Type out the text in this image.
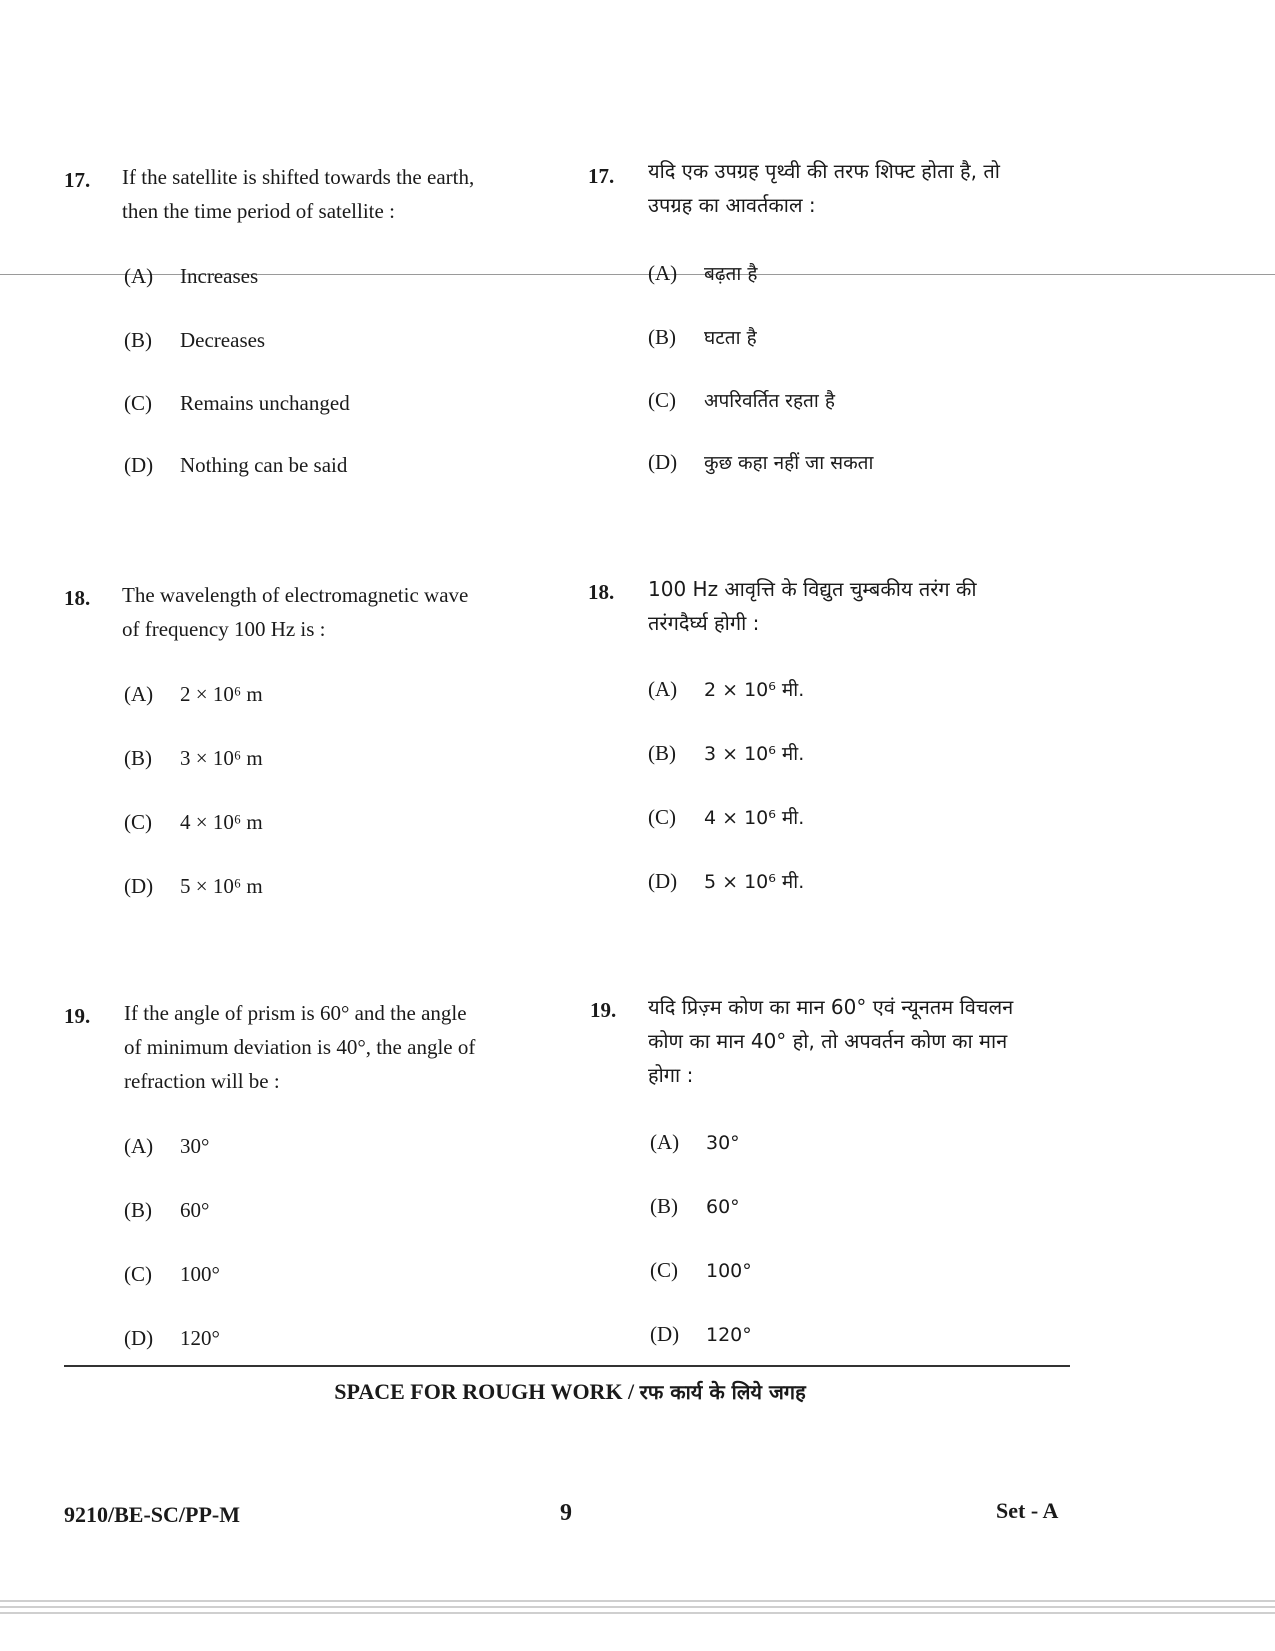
17. If the satellite is shifted towards the earth,
then the time period of satellite :
(A) Increases
(B) Decreases
(C) Remains unchanged
(D) Nothing can be said
17. यदि एक उपग्रह पृथ्वी की तरफ शिफ्ट होता है, तो
उपग्रह का आवर्तकाल :
(A) बढ़ता है
(B) घटता है
(C) अपरिवर्तित रहता है
(D) कुछ कहा नहीं जा सकता
18. The wavelength of electromagnetic wave
of frequency 100 Hz is :
(A) 2 × 10⁶ m
(B) 3 × 10⁶ m
(C) 4 × 10⁶ m
(D) 5 × 10⁶ m
18. 100 Hz आवृत्ति के विद्युत चुम्बकीय तरंग की
तरंगदैर्घ्य होगी :
(A) 2 × 10⁶ मी.
(B) 3 × 10⁶ मी.
(C) 4 × 10⁶ मी.
(D) 5 × 10⁶ मी.
19. If the angle of prism is 60° and the angle
of minimum deviation is 40°, the angle of
refraction will be :
(A) 30°
(B) 60°
(C) 100°
(D) 120°
19. यदि प्रिज़्म कोण का मान 60° एवं न्यूनतम विचलन
कोण का मान 40° हो, तो अपवर्तन कोण का मान
होगा :
(A) 30°
(B) 60°
(C) 100°
(D) 120°
SPACE FOR ROUGH WORK / रफ कार्य के लिये जगह
9210/BE-SC/PP-M	9	Set - A
